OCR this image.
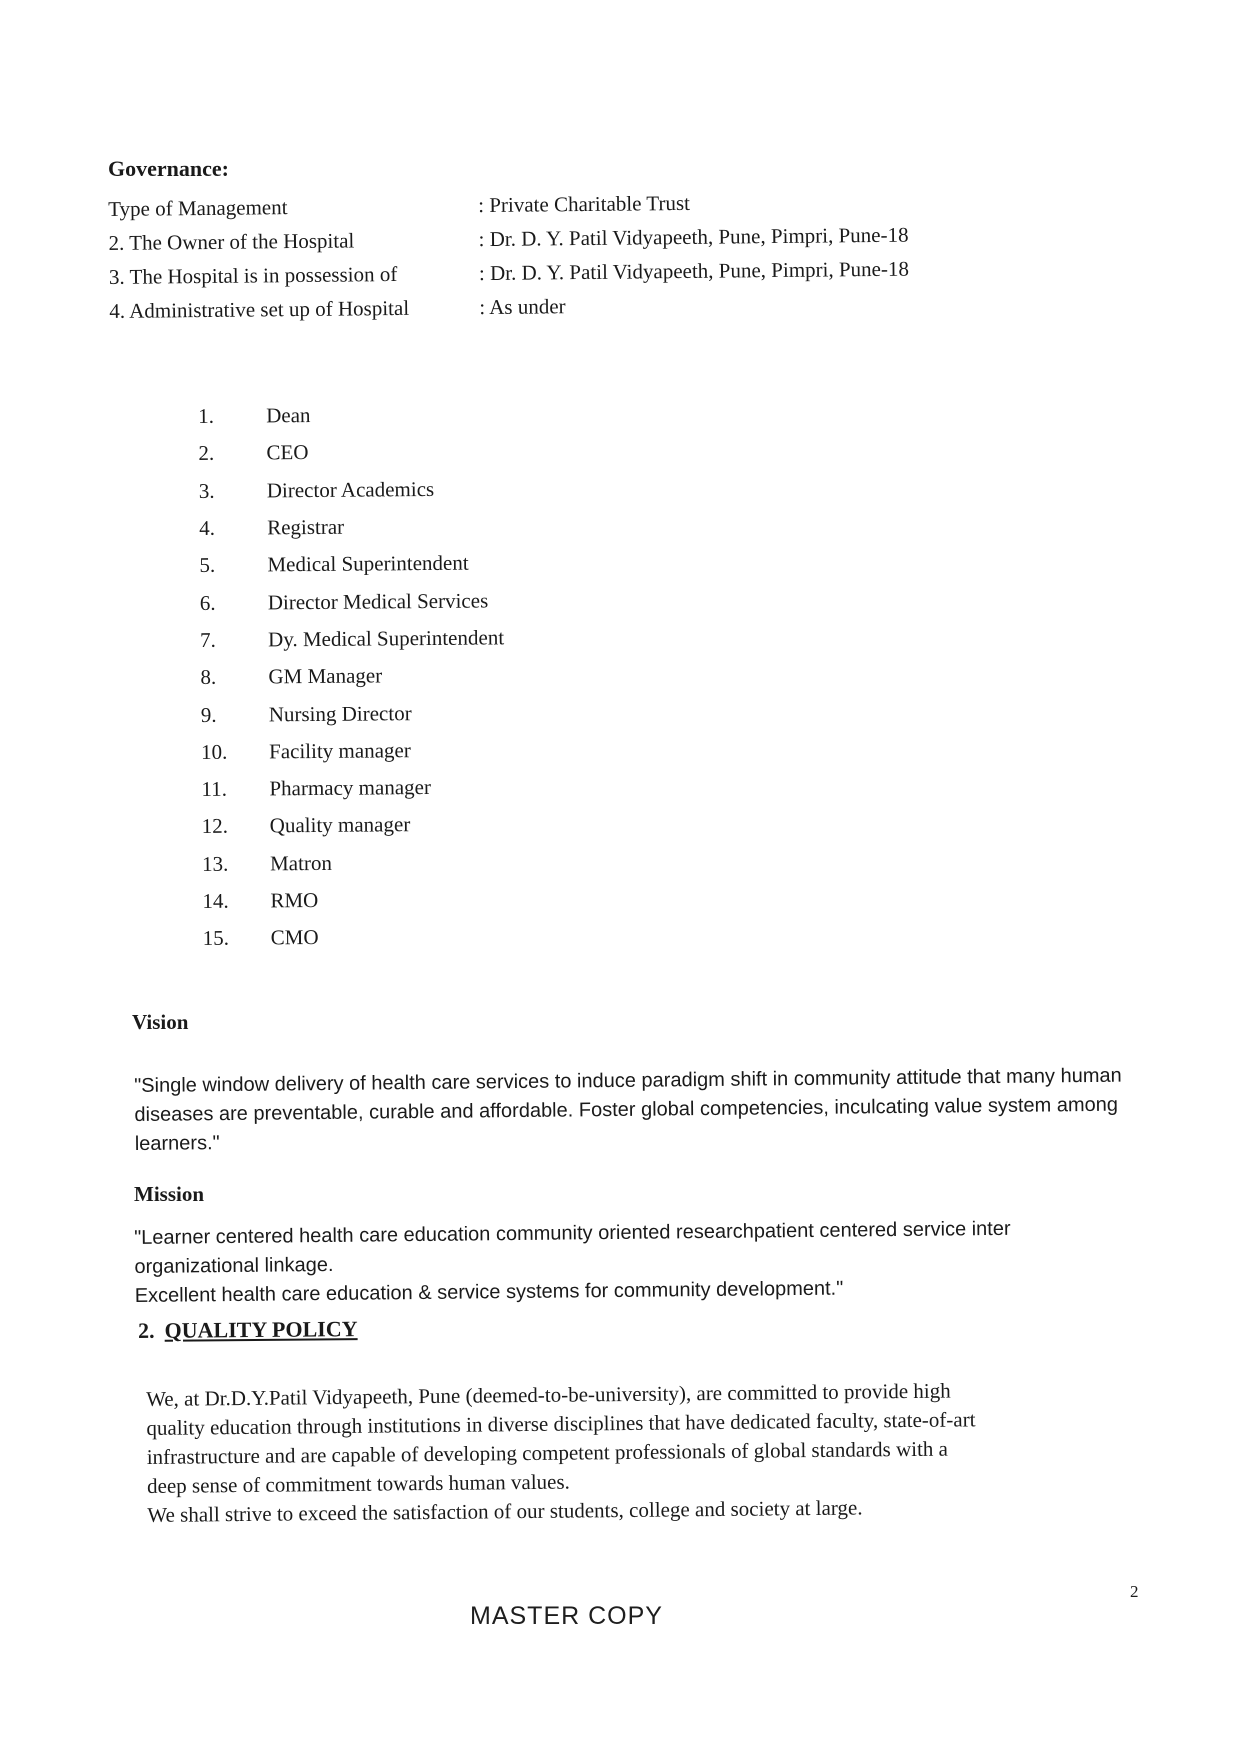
Governance:
Type of Management	: Private Charitable Trust
2. The Owner of the Hospital	: Dr. D. Y. Patil Vidyapeeth, Pune, Pimpri, Pune-18
3. The Hospital is in possession of	: Dr. D. Y. Patil Vidyapeeth, Pune, Pimpri, Pune-18
4. Administrative set up of Hospital	: As under
1.	Dean
2.	CEO
3.	Director Academics
4.	Registrar
5.	Medical Superintendent
6.	Director Medical Services
7.	Dy. Medical Superintendent
8.	GM Manager
9.	Nursing Director
10.	Facility manager
11.	Pharmacy manager
12.	Quality manager
13.	Matron
14.	RMO
15.	CMO
Vision

"Single window delivery of health care services to induce paradigm shift in community attitude that many human diseases are preventable, curable and affordable. Foster global competencies, inculcating value system among learners."

Mission

"Learner centered health care education community oriented researchpatient centered service inter organizational linkage.
Excellent health care education & service systems for community development."

2. QUALITY POLICY

We, at Dr.D.Y.Patil Vidyapeeth, Pune (deemed-to-be-university), are committed to provide high
quality education through institutions in diverse disciplines that have dedicated faculty, state-of-art
infrastructure and are capable of developing competent professionals of global standards with a
deep sense of commitment towards human values.
We shall strive to exceed the satisfaction of our students, college and society at large.

2
MASTER COPY
